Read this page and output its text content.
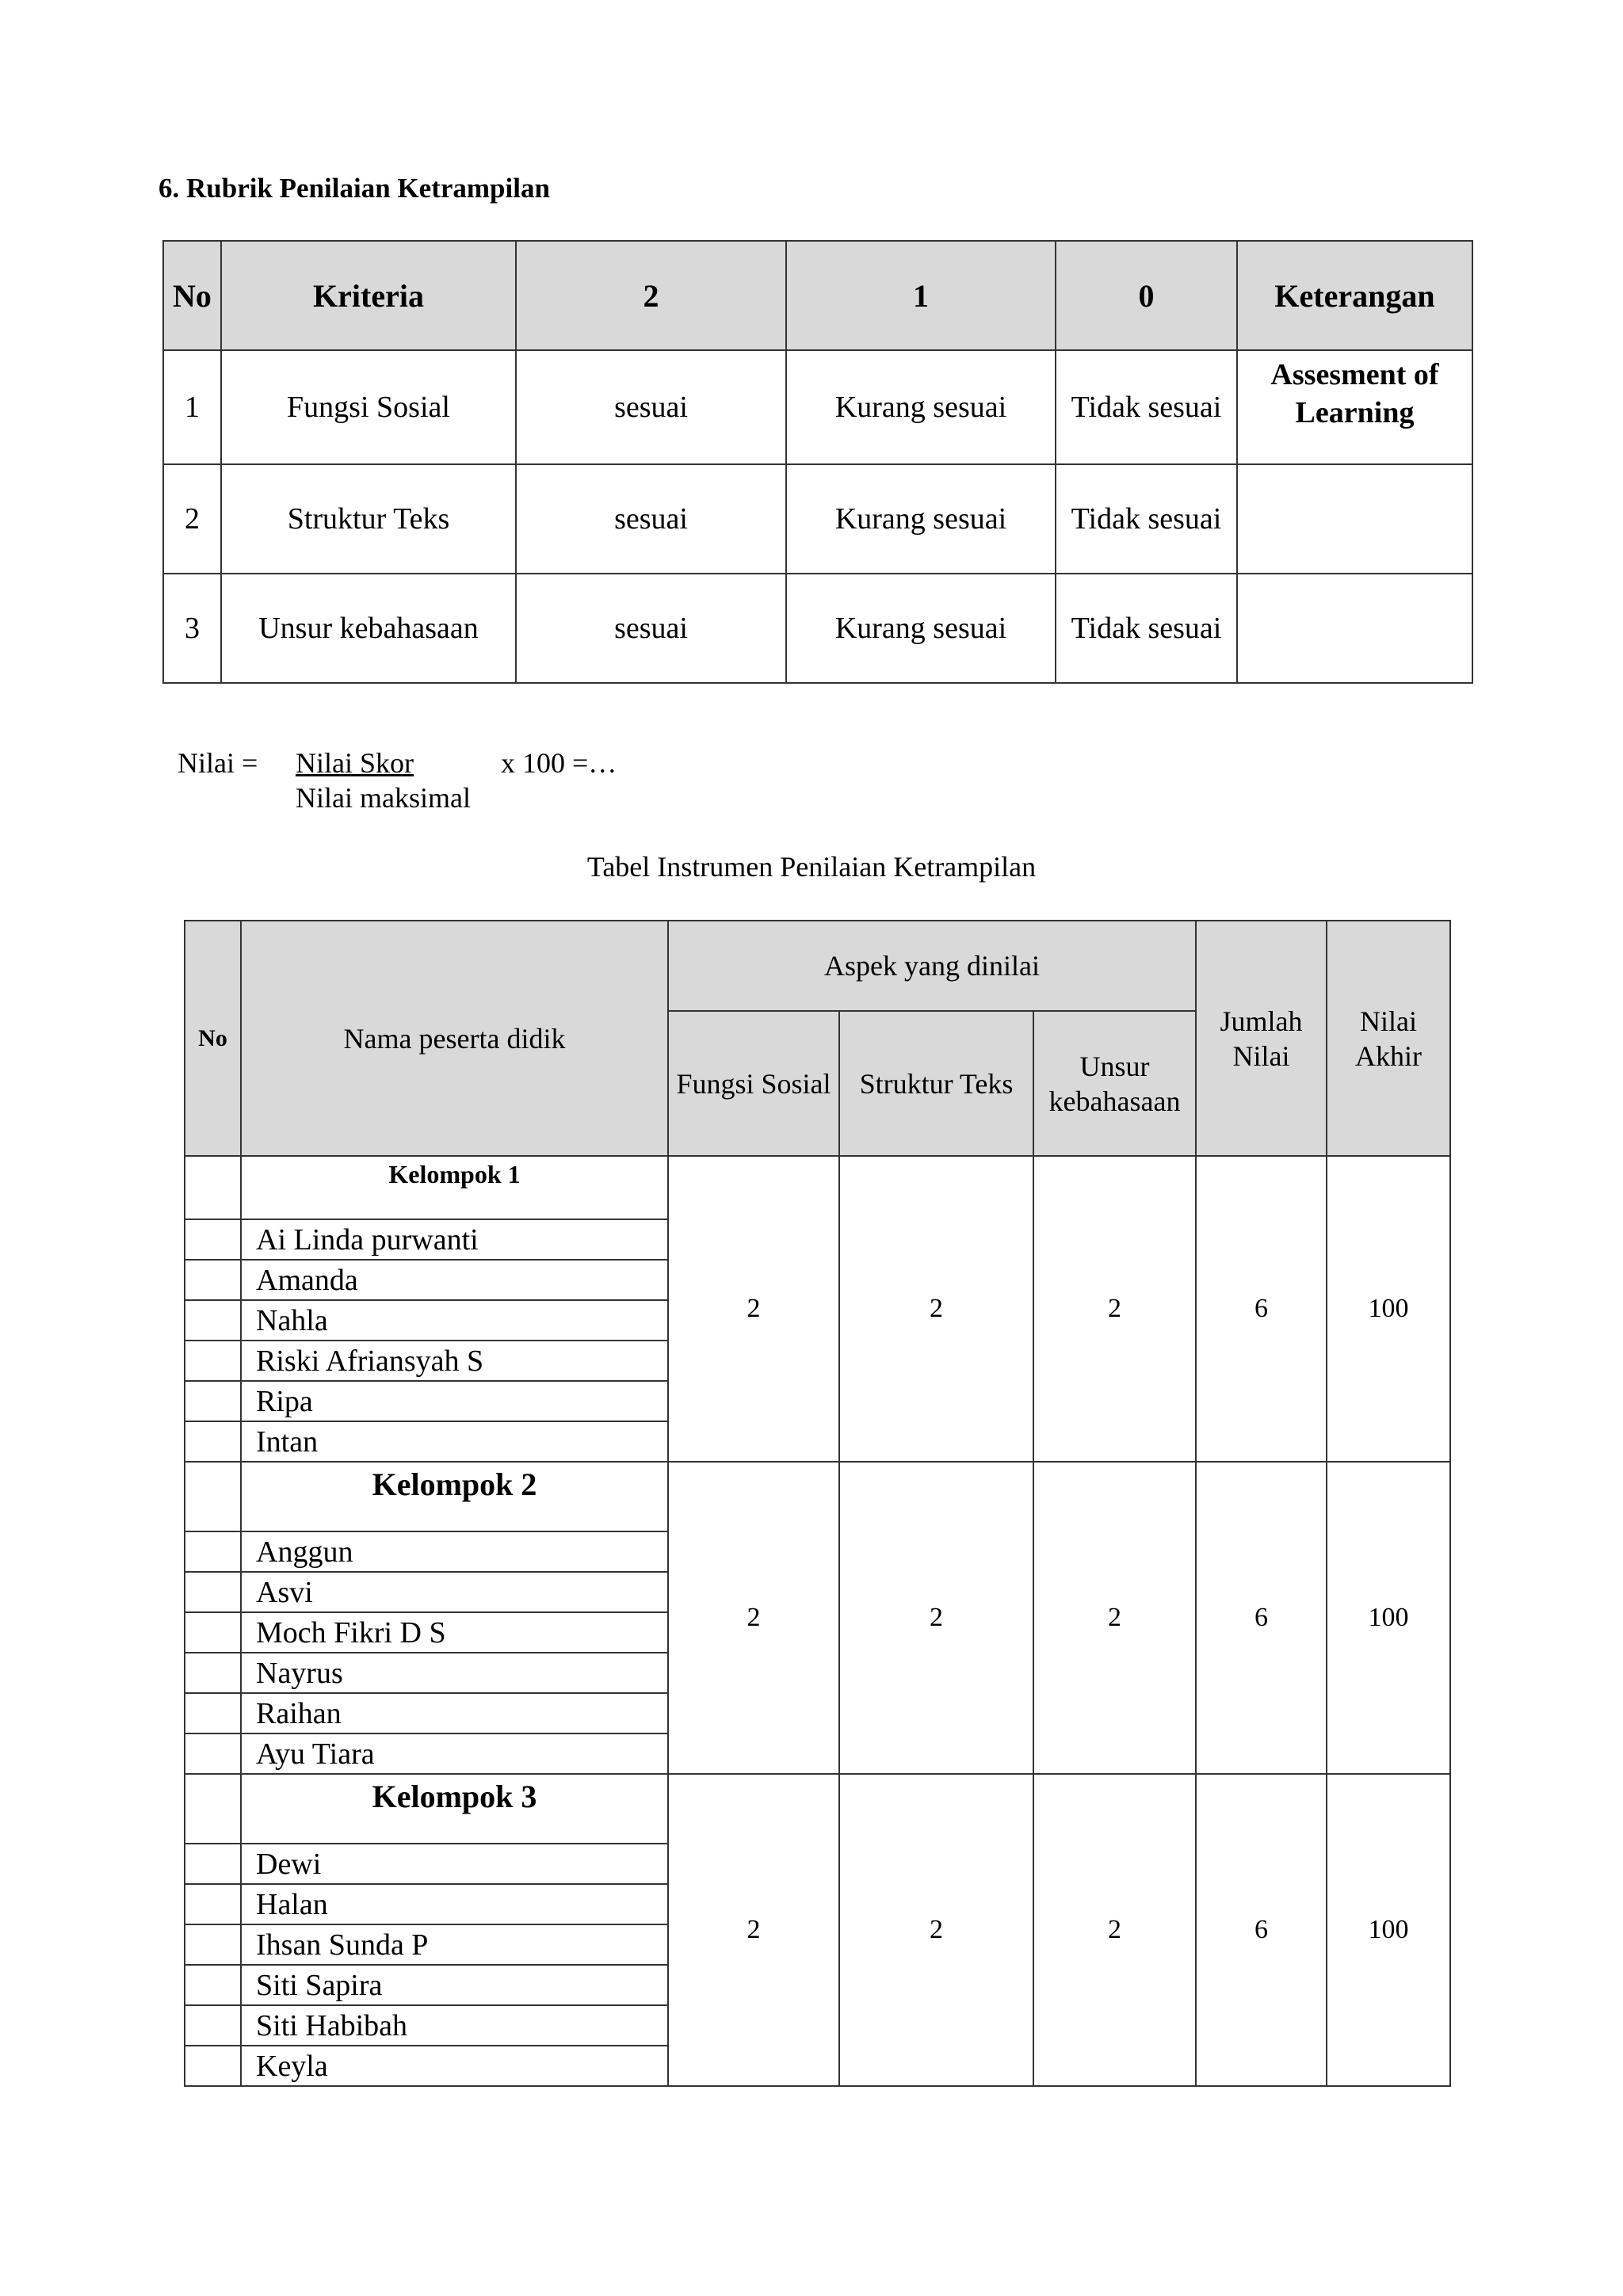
6. Rubrik Penilaian Ketrampilan
No	Kriteria	2	1	0	Keterangan
1	Fungsi Sosial	sesuai	Kurang sesuai	Tidak sesuai	Assesment of Learning
2	Struktur Teks	sesuai	Kurang sesuai	Tidak sesuai	
3	Unsur kebahasaan	sesuai	Kurang sesuai	Tidak sesuai	
Nilai = Nilai Skor
Nilai maksimal
x 100 =…
Tabel Instrumen Penilaian Ketrampilan
No	Nama peserta didik	Aspek yang dinilai			Jumlah Nilai	Nilai Akhir
		Fungsi Sosial	Struktur Teks	Unsur kebahasaan		
	Kelompok 1	2	2	2	6	100
	Ai Linda purwanti					
	Amanda					
	Nahla					
	Riski Afriansyah S					
	Ripa					
	Intan					
	Kelompok 2	2	2	2	6	100
	Anggun					
	Asvi					
	Moch Fikri D S					
	Nayrus					
	Raihan					
	Ayu Tiara					
	Kelompok 3	2	2	2	6	100
	Dewi					
	Halan					
	Ihsan Sunda P					
	Siti Sapira					
	Siti Habibah					
	Keyla					
